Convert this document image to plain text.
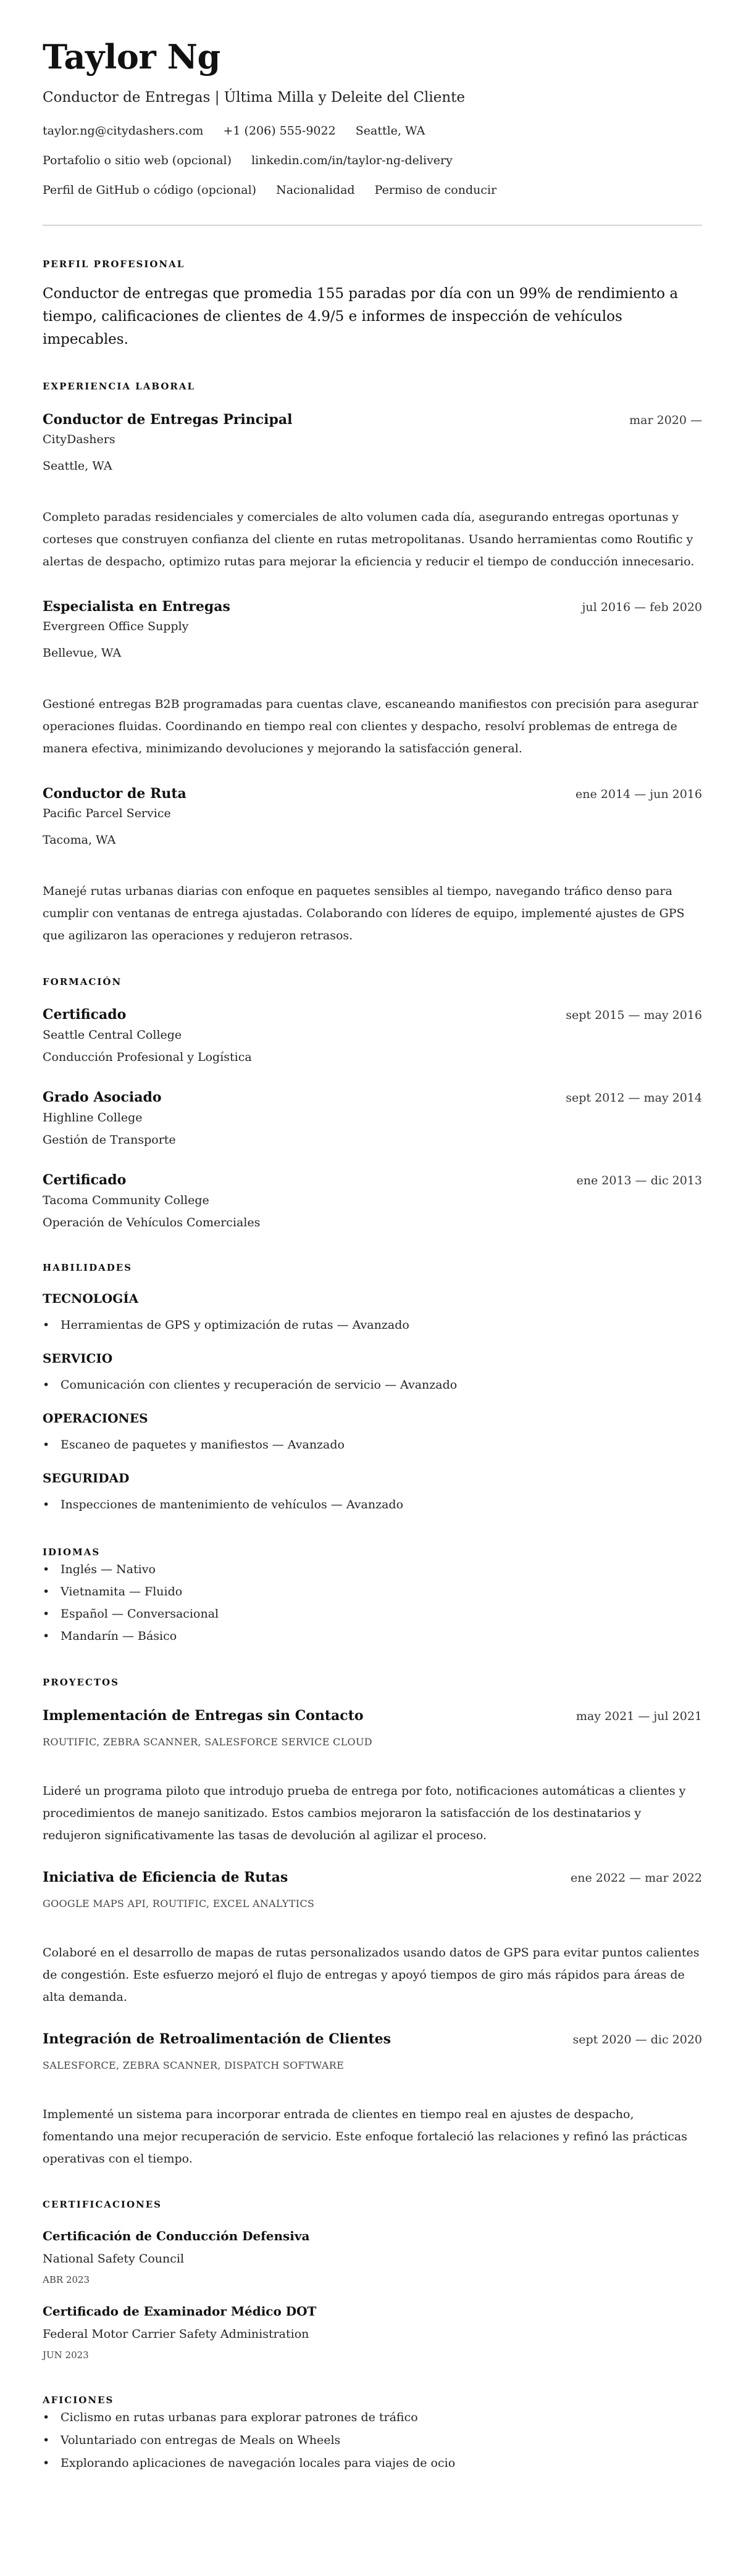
Taylor Ng
Conductor de Entregas | Última Milla y Deleite del Cliente
taylor.ng@citydashers.com +1 (206) 555-9022 Seattle, WA
Portafolio o sitio web (opcional) linkedin.com/in/taylor-ng-delivery
Perfil de GitHub o código (opcional) Nacionalidad Permiso de conducir
PERFIL PROFESIONAL

Conductor de entregas que promedia 155 paradas por día con un 99% de rendimiento a tiempo, calificaciones de clientes de 4.9/5 e informes de inspección de vehículos impecables.

EXPERIENCIA LABORAL
Conductor de Entregas Principal	mar 2020 —
CityDashers
Seattle, WA
Completo paradas residenciales y comerciales de alto volumen cada día, asegurando entregas oportunas y corteses que construyen confianza del cliente en rutas metropolitanas. Usando herramientas como Routific y alertas de despacho, optimizo rutas para mejorar la eficiencia y reducir el tiempo de conducción innecesario.
Especialista en Entregas	jul 2016 — feb 2020
Evergreen Office Supply
Bellevue, WA
Gestioné entregas B2B programadas para cuentas clave, escaneando manifiestos con precisión para asegurar operaciones fluidas. Coordinando en tiempo real con clientes y despacho, resolví problemas de entrega de manera efectiva, minimizando devoluciones y mejorando la satisfacción general.
Conductor de Ruta	ene 2014 — jun 2016
Pacific Parcel Service
Tacoma, WA
Manejé rutas urbanas diarias con enfoque en paquetes sensibles al tiempo, navegando tráfico denso para cumplir con ventanas de entrega ajustadas. Colaborando con líderes de equipo, implementé ajustes de GPS que agilizaron las operaciones y redujeron retrasos.
FORMACIÓN
Certificado	sept 2015 — may 2016
Seattle Central College
Conducción Profesional y Logística
Grado Asociado	sept 2012 — may 2014
Highline College
Gestión de Transporte
Certificado	ene 2013 — dic 2013
Tacoma Community College
Operación de Vehículos Comerciales
HABILIDADES
TECNOLOGÍA
• Herramientas de GPS y optimización de rutas — Avanzado
SERVICIO
• Comunicación con clientes y recuperación de servicio — Avanzado
OPERACIONES
• Escaneo de paquetes y manifiestos — Avanzado
SEGURIDAD
• Inspecciones de mantenimiento de vehículos — Avanzado
IDIOMAS
• Inglés — Nativo
• Vietnamita — Fluido
• Español — Conversacional
• Mandarín — Básico
PROYECTOS
Implementación de Entregas sin Contacto	may 2021 — jul 2021
ROUTIFIC, ZEBRA SCANNER, SALESFORCE SERVICE CLOUD
Lideré un programa piloto que introdujo prueba de entrega por foto, notificaciones automáticas a clientes y procedimientos de manejo sanitizado. Estos cambios mejoraron la satisfacción de los destinatarios y redujeron significativamente las tasas de devolución al agilizar el proceso.
Iniciativa de Eficiencia de Rutas	ene 2022 — mar 2022
GOOGLE MAPS API, ROUTIFIC, EXCEL ANALYTICS
Colaboré en el desarrollo de mapas de rutas personalizados usando datos de GPS para evitar puntos calientes de congestión. Este esfuerzo mejoró el flujo de entregas y apoyó tiempos de giro más rápidos para áreas de alta demanda.
Integración de Retroalimentación de Clientes	sept 2020 — dic 2020
SALESFORCE, ZEBRA SCANNER, DISPATCH SOFTWARE
Implementé un sistema para incorporar entrada de clientes en tiempo real en ajustes de despacho, fomentando una mejor recuperación de servicio. Este enfoque fortaleció las relaciones y refinó las prácticas operativas con el tiempo.
CERTIFICACIONES
Certificación de Conducción Defensiva
National Safety Council
ABR 2023
Certificado de Examinador Médico DOT
Federal Motor Carrier Safety Administration
JUN 2023
AFICIONES
• Ciclismo en rutas urbanas para explorar patrones de tráfico
• Voluntariado con entregas de Meals on Wheels
• Explorando aplicaciones de navegación locales para viajes de ocio
